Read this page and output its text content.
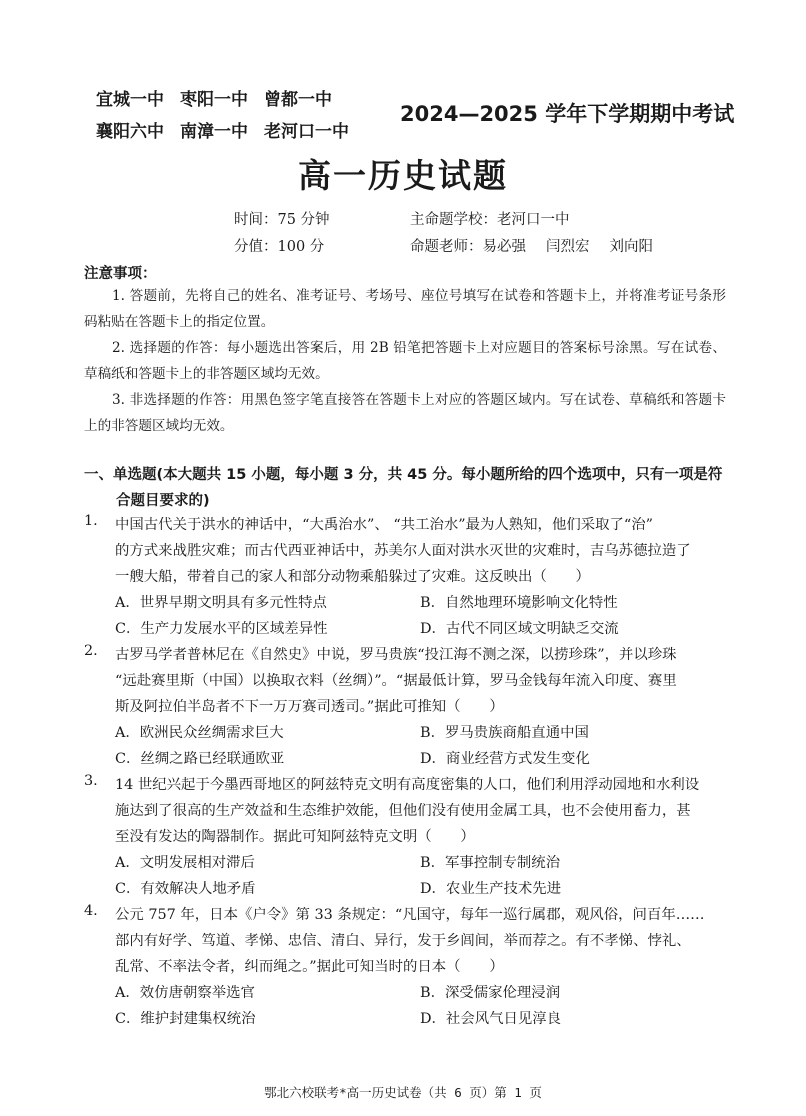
宜城一中 枣阳一中 曾都一中
襄阳六中 南漳一中 老河口一中
2024—2025 学年下学期期中考试
高一历史试题
时间：75 分钟	主命题学校：老河口一中
分值：100 分	命题老师：易必强 闫烈宏 刘向阳
注意事项：
1. 答题前，先将自己的姓名、准考证号、考场号、座位号填写在试卷和答题卡上，并将准考证号条形码粘贴在答题卡上的指定位置。
2. 选择题的作答：每小题选出答案后，用 2B 铅笔把答题卡上对应题目的答案标号涂黑。写在试卷、草稿纸和答题卡上的非答题区域均无效。
3. 非选择题的作答：用黑色签字笔直接答在答题卡上对应的答题区域内。写在试卷、草稿纸和答题卡上的非答题区域均无效。
一、单选题(本大题共 15 小题，每小题 3 分，共 45 分。每小题所给的四个选项中，只有一项是符
合题目要求的)
1. 中国古代关于洪水的神话中，“大禹治水”、 “共工治水”最为人熟知，他们采取了“治”
的方式来战胜灾难；而古代西亚神话中，苏美尔人面对洪水灭世的灾难时，吉乌苏德拉造了
一艘大船，带着自己的家人和部分动物乘船躲过了灾难。这反映出（　　）
A．世界早期文明具有多元性特点	B．自然地理环境影响文化特性
C．生产力发展水平的区域差异性	D．古代不同区域文明缺乏交流
2. 古罗马学者普林尼在《自然史》中说，罗马贵族“投江海不测之深，以捞珍珠”，并以珍珠
“远赴赛里斯（中国）以换取衣料（丝绸）”。“据最低计算，罗马金钱每年流入印度、赛里
斯及阿拉伯半岛者不下一万万赛司透司。”据此可推知（　　）
A．欧洲民众丝绸需求巨大	B．罗马贵族商船直通中国
C．丝绸之路已经联通欧亚	D．商业经营方式发生变化
3. 14 世纪兴起于今墨西哥地区的阿兹特克文明有高度密集的人口，他们利用浮动园地和水利设
施达到了很高的生产效益和生态维护效能，但他们没有使用金属工具，也不会使用畜力，甚
至没有发达的陶器制作。据此可知阿兹特克文明（　　）
A．文明发展相对滞后	B．军事控制专制统治
C．有效解决人地矛盾	D．农业生产技术先进
4. 公元 757 年，日本《户令》第 33 条规定：“凡国守，每年一巡行属郡，观风俗，问百年……
部内有好学、笃道、孝悌、忠信、清白、异行，发于乡闾间，举而荐之。有不孝悌、悖礼、
乱常、不率法令者，纠而绳之。”据此可知当时的日本（　　）
A．效仿唐朝察举选官	B．深受儒家伦理浸润
C．维护封建集权统治	D．社会风气日见淳良
鄂北六校联考*高一历史试卷（共 6 页）第 1 页
